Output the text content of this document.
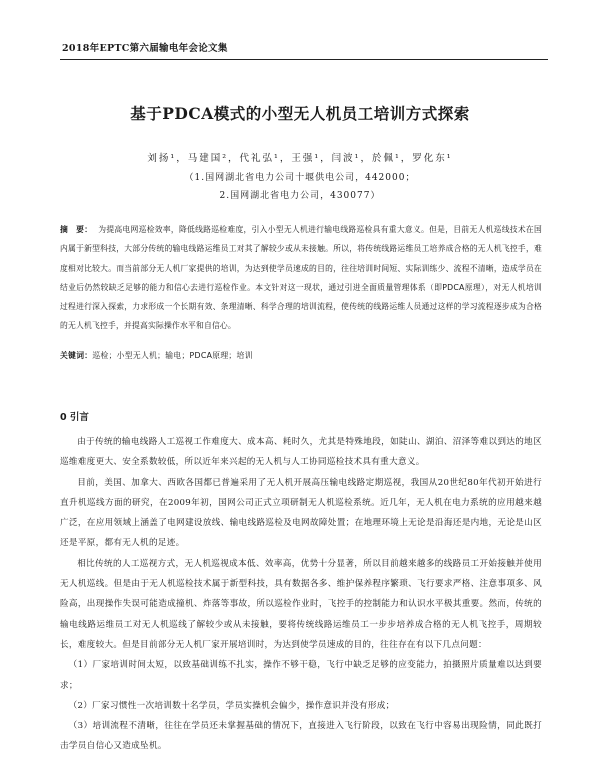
2018年EPTC第六届输电年会论文集
基于PDCA模式的小型无人机员工培训方式探索
刘扬¹，马建国²，代礼弘¹，王强¹，闫波¹，於佩¹，罗化东¹
（1.国网湖北省电力公司十堰供电公司，442000；
2.国网湖北省电力公司，430077）
摘　要： 为提高电网巡检效率，降低线路巡检难度，引入小型无人机进行输电线路巡检具有重大意义。但是，目前无人机巡线技术在国内属于新型科技，大部分传统的输电线路运维员工对其了解较少或从未接触。所以，将传统线路运维员工培养成合格的无人机飞控手，难度相对比较大。而当前部分无人机厂家提供的培训，为达到使学员速成的目的，往往培训时间短、实际训练少、流程不清晰，造成学员在结业后仍然较缺乏足够的能力和信心去进行巡检作业。本文针对这一现状，通过引进全面质量管理体系（即PDCA原理），对无人机培训过程进行深入探索，力求形成一个长期有效、条理清晰、科学合理的培训流程，使传统的线路运维人员通过这样的学习流程逐步成为合格的无人机飞控手，并提高实际操作水平和自信心。
关键词：巡检；小型无人机；输电；PDCA原理；培训
0 引言

由于传统的输电线路人工巡视工作难度大、成本高、耗时久，尤其是特殊地段，如陡山、湖泊、沼泽等难以到达的地区巡维难度更大、安全系数较低，所以近年来兴起的无人机与人工协同巡检技术具有重大意义。

目前，美国、加拿大、西欧各国都已普遍采用了无人机开展高压输电线路定期巡视，我国从20世纪80年代初开始进行直升机巡线方面的研究，在2009年初，国网公司正式立项研制无人机巡检系统。近几年，无人机在电力系统的应用越来越广泛，在应用领域上涵盖了电网建设放线、输电线路巡检及电网故障处置；在地理环境上无论是沿海还是内地，无论是山区还是平原，都有无人机的足迹。

相比传统的人工巡视方式，无人机巡视成本低、效率高，优势十分显著，所以目前越来越多的线路员工开始接触并使用无人机巡线。但是由于无人机巡检技术属于新型科技，具有数据各多、维护保养程序繁琐、飞行要求严格、注意事项多、风险高，出现操作失误可能造成撞机、炸落等事故，所以巡检作业时，飞控手的控制能力和认识水平极其重要。然而，传统的输电线路运维员工对无人机巡线了解较少或从未接触，要将传统线路运维员工一步步培养成合格的无人机飞控手，周期较长，难度较大。但是目前部分无人机厂家开展培训时，为达到使学员速成的目的，往往存在有以下几点问题：

（1）厂家培训时间太短，以致基础训练不扎实，操作不够干稳，飞行中缺乏足够的应变能力，拍摄照片质量难以达到要求；

（2）厂家习惯性一次培训数十名学员，学员实操机会偏少，操作意识并没有形成；

（3）培训流程不清晰，往往在学员还未掌握基础的情况下，直接进入飞行阶段，以致在飞行中容易出现险情，同此既打击学员自信心又造成坠机。
